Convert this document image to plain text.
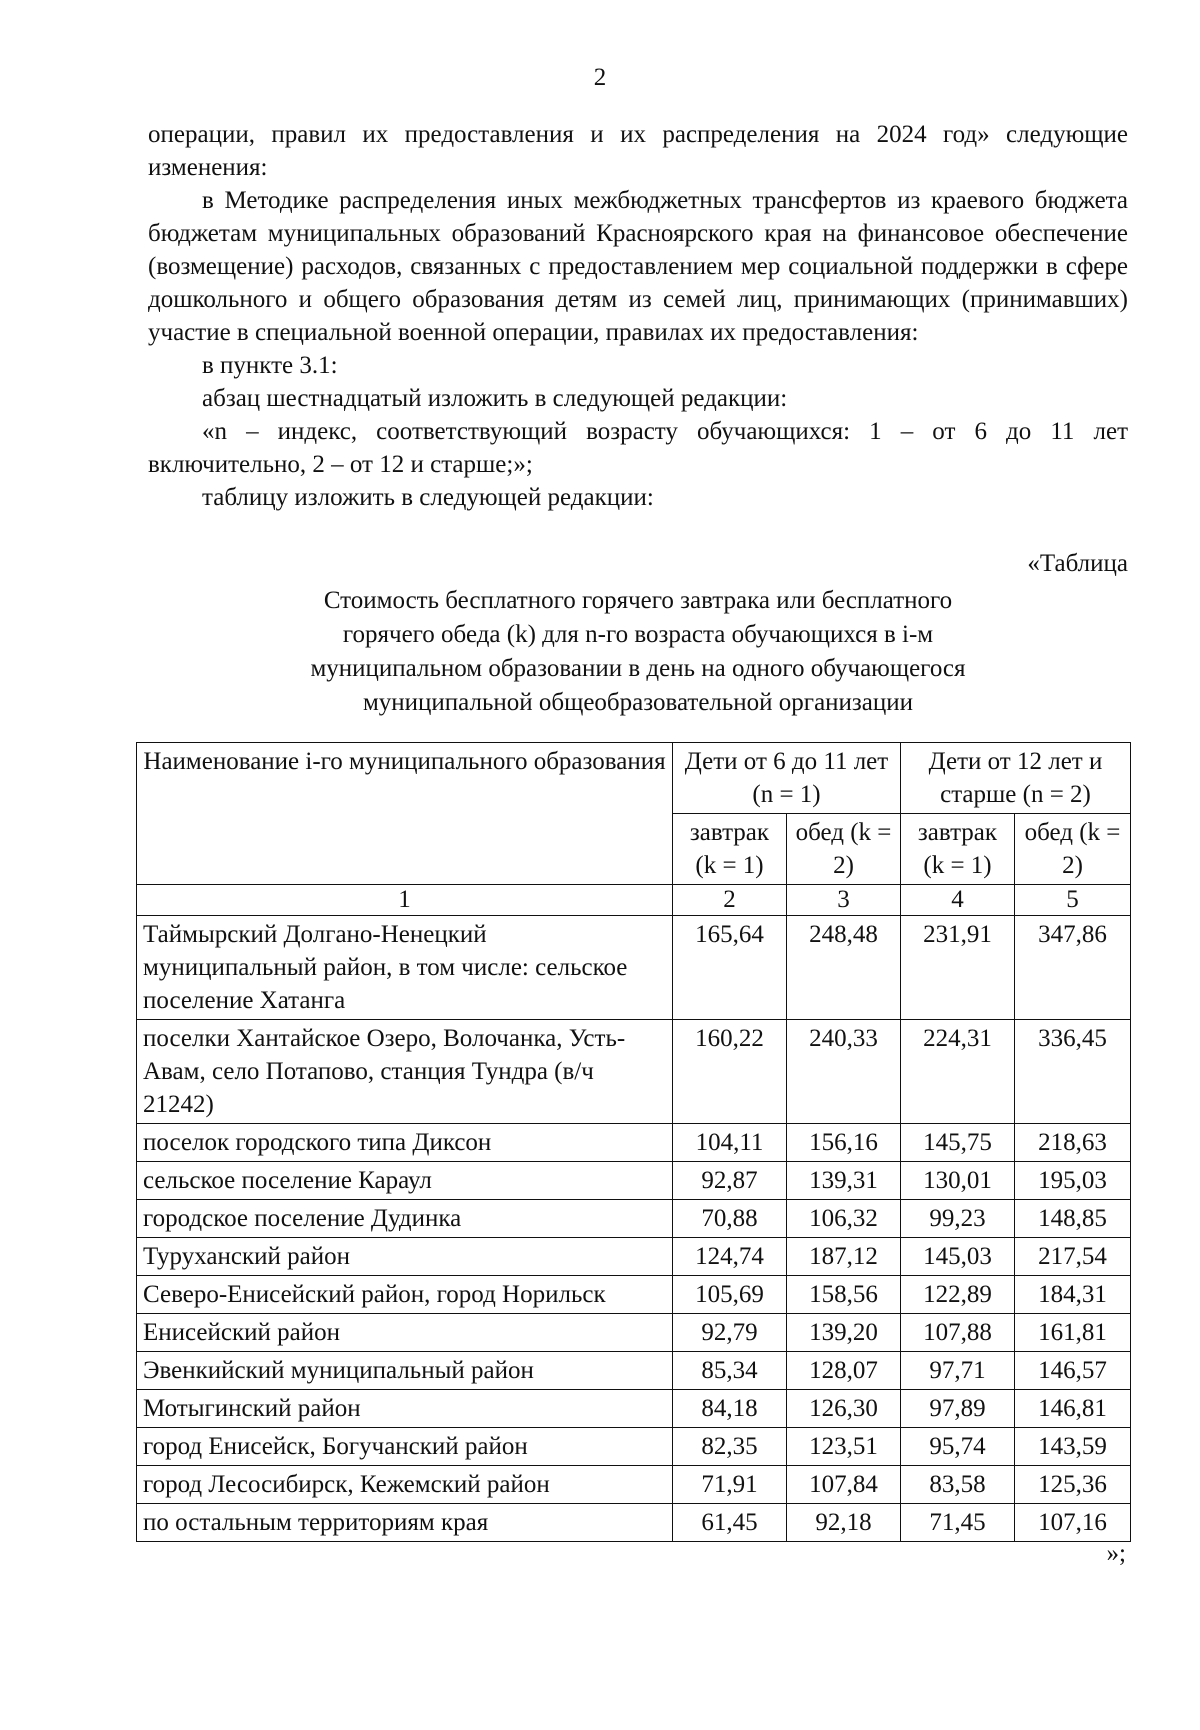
2

операции, правил их предоставления и их распределения на 2024 год» следующие изменения:

в Методике распределения иных межбюджетных трансфертов из краевого бюджета бюджетам муниципальных образований Красноярского края на финансовое обеспечение (возмещение) расходов, связанных с предоставлением мер социальной поддержки в сфере дошкольного и общего образования детям из семей лиц, принимающих (принимавших) участие в специальной военной операции, правилах их предоставления:

в пункте 3.1:

абзац шестнадцатый изложить в следующей редакции:

«n – индекс, соответствующий возрасту обучающихся: 1 – от 6 до 11 лет включительно, 2 – от 12 и старше;»;

таблицу изложить в следующей редакции:

«Таблица
Стоимость бесплатного горячего завтрака или бесплатного
горячего обеда (k) для n-го возраста обучающихся в i-м
муниципальном образовании в день на одного обучающегося
муниципальной общеобразовательной организации
Наименование i-го муниципального образования	Дети от 6 до 11 лет (n = 1)		Дети от 12 лет и старше (n = 2)	
	завтрак (k = 1)	обед (k = 2)	завтрак (k = 1)	обед (k = 2)
1	2	3	4	5
Таймырский Долгано-Ненецкий муниципальный район, в том числе: сельское поселение Хатанга	165,64	248,48	231,91	347,86
поселки Хантайское Озеро, Волочанка, Усть-Авам, село Потапово, станция Тундра (в/ч 21242)	160,22	240,33	224,31	336,45
поселок городского типа Диксон	104,11	156,16	145,75	218,63
сельское поселение Караул	92,87	139,31	130,01	195,03
городское поселение Дудинка	70,88	106,32	99,23	148,85
Туруханский район	124,74	187,12	145,03	217,54
Северо-Енисейский район, город Норильск	105,69	158,56	122,89	184,31
Енисейский район	92,79	139,20	107,88	161,81
Эвенкийский муниципальный район	85,34	128,07	97,71	146,57
Мотыгинский район	84,18	126,30	97,89	146,81
город Енисейск, Богучанский район	82,35	123,51	95,74	143,59
город Лесосибирск, Кежемский район	71,91	107,84	83,58	125,36
по остальным территориям края	61,45	92,18	71,45	107,16
»;
